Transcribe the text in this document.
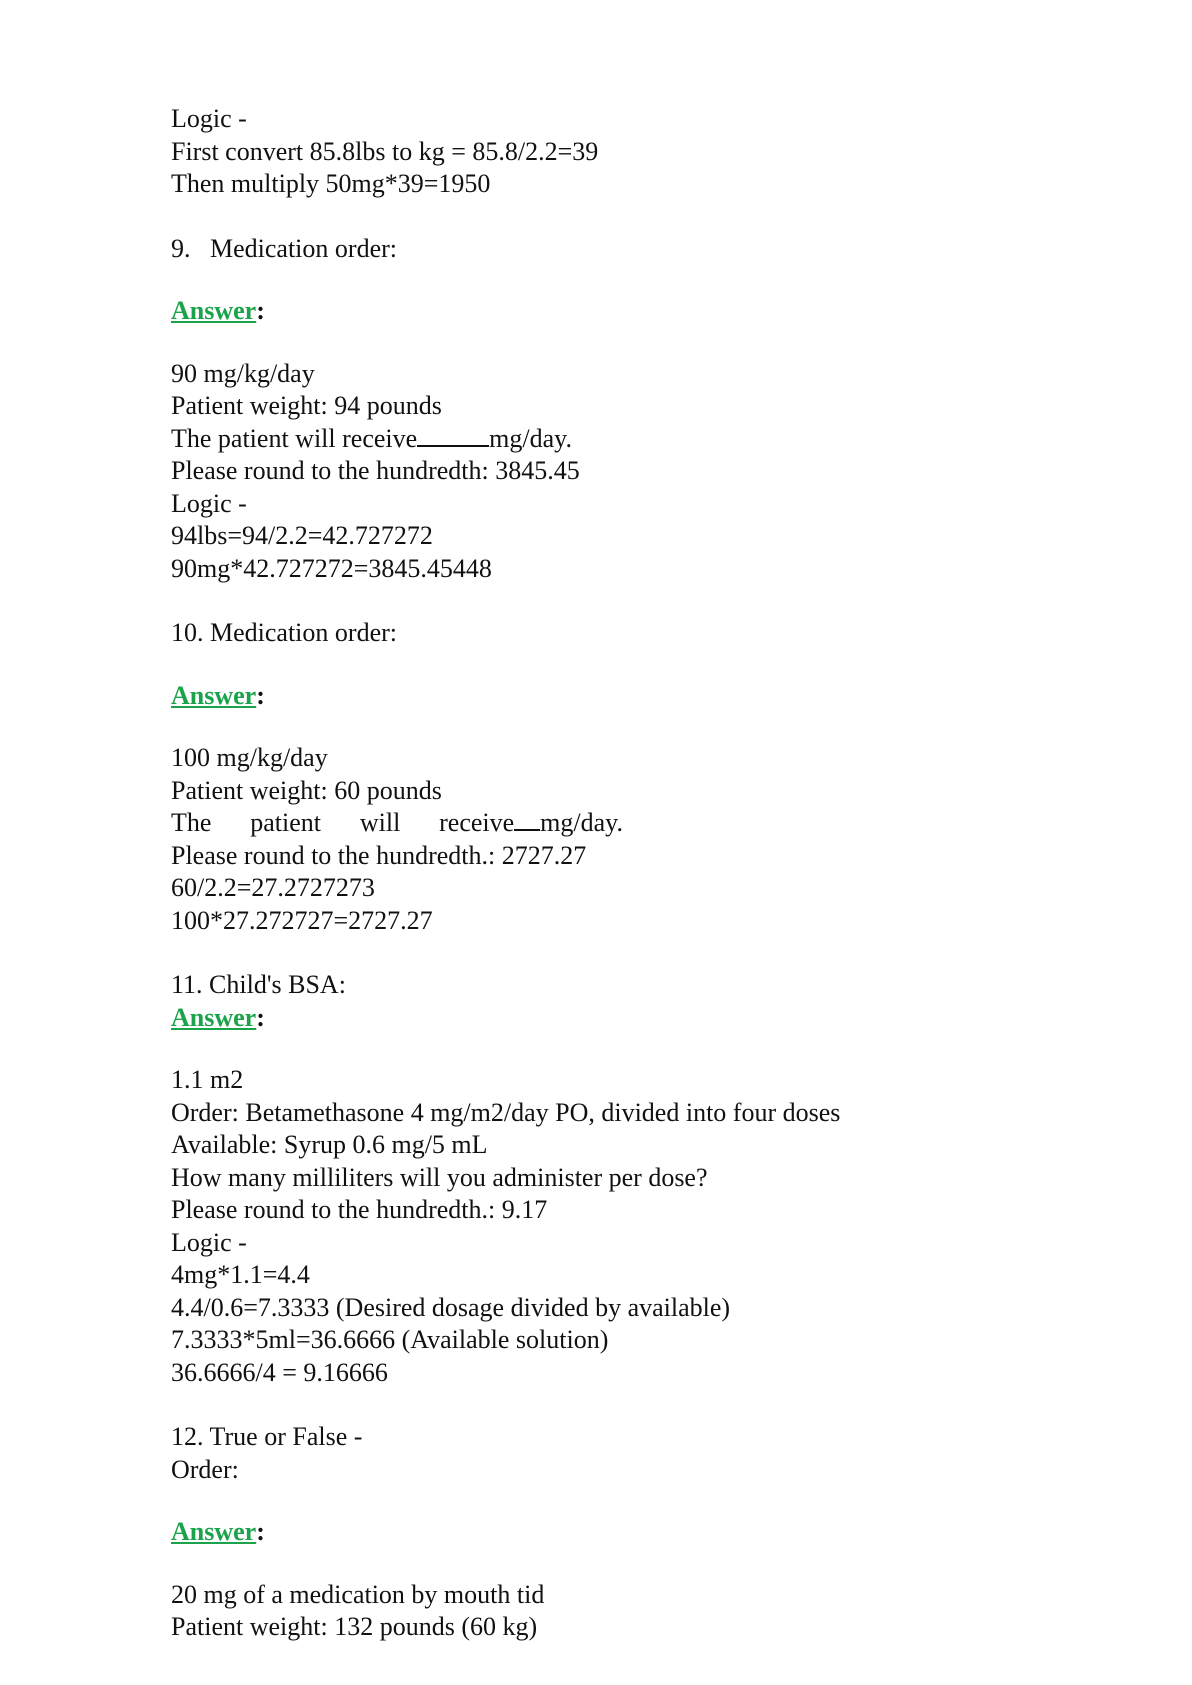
Logic -
First convert 85.8lbs to kg = 85.8/2.2=39
Then multiply 50mg*39=1950
9.   Medication order:
Answer:
90 mg/kg/day
Patient weight: 94 pounds
The patient will receive	mg/day.
Please round to the hundredth: 3845.45
Logic -
94lbs=94/2.2=42.727272
90mg*42.727272=3845.45448
10. Medication order:
Answer:
100 mg/kg/day
Patient weight: 60 pounds
The patient will receive mg/day.
Please round to the hundredth.: 2727.27
60/2.2=27.2727273
100*27.272727=2727.27
11. Child's BSA:
Answer:
1.1 m2
Order: Betamethasone 4 mg/m2/day PO, divided into four doses
Available: Syrup 0.6 mg/5 mL
How many milliliters will you administer per dose?
Please round to the hundredth.: 9.17
Logic -
4mg*1.1=4.4
4.4/0.6=7.3333 (Desired dosage divided by available)
7.3333*5ml=36.6666 (Available solution)
36.6666/4 = 9.16666
12. True or False -
Order:
Answer:
20 mg of a medication by mouth tid
Patient weight: 132 pounds (60 kg)
